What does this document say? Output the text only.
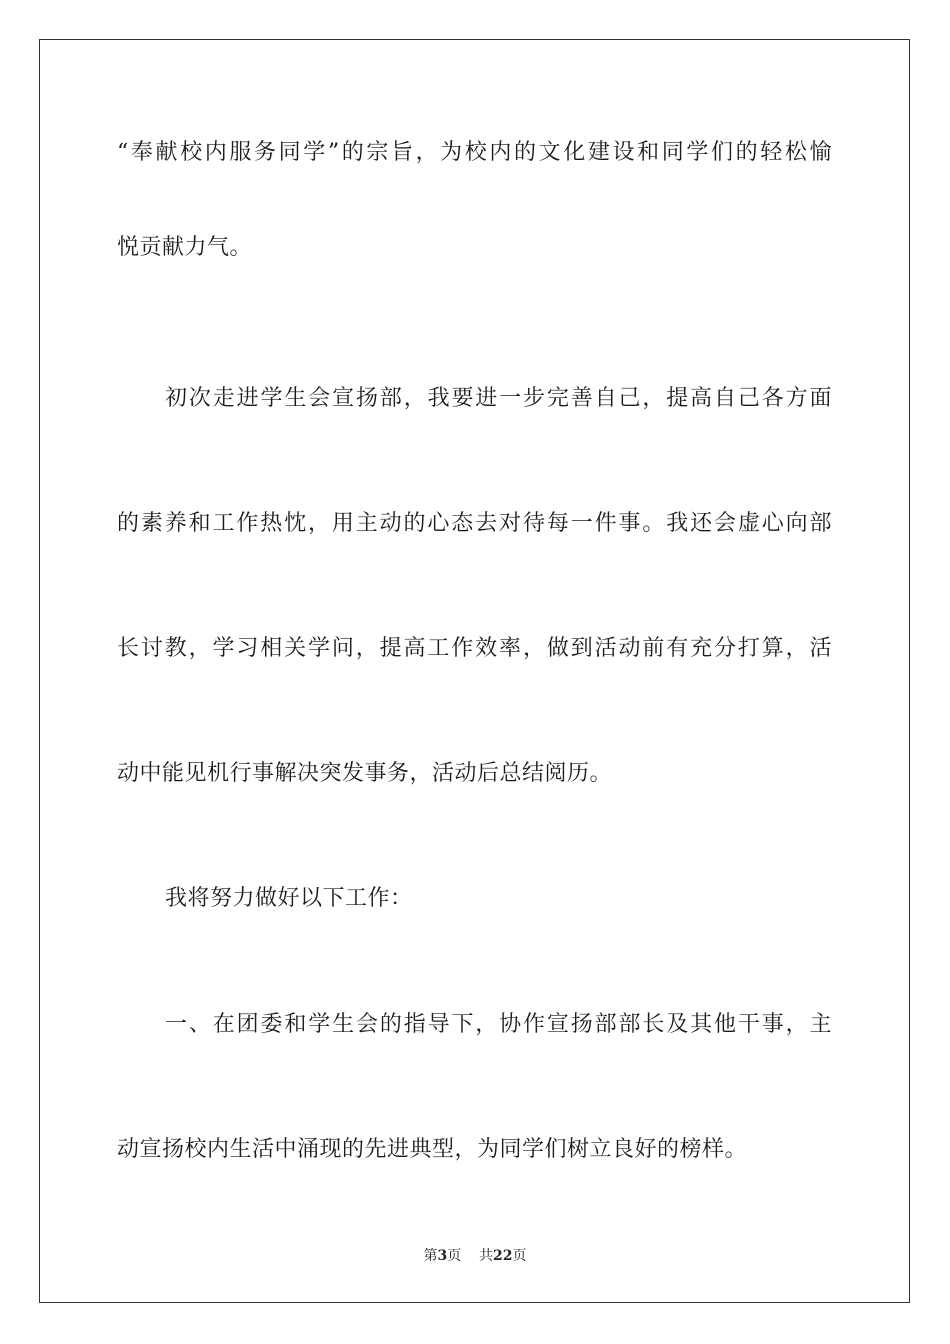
“奉献校内服务同学”的宗旨，为校内的文化建设和同学们的轻松愉
悦贡献力气。
初次走进学生会宣扬部，我要进一步完善自己，提高自己各方面
的素养和工作热忱，用主动的心态去对待每一件事。我还会虚心向部
长讨教，学习相关学问，提高工作效率，做到活动前有充分打算，活
动中能见机行事解决突发事务，活动后总结阅历。
我将努力做好以下工作：
一、在团委和学生会的指导下，协作宣扬部部长及其他干事，主
动宣扬校内生活中涌现的先进典型，为同学们树立良好的榜样。
第3页 共22页
